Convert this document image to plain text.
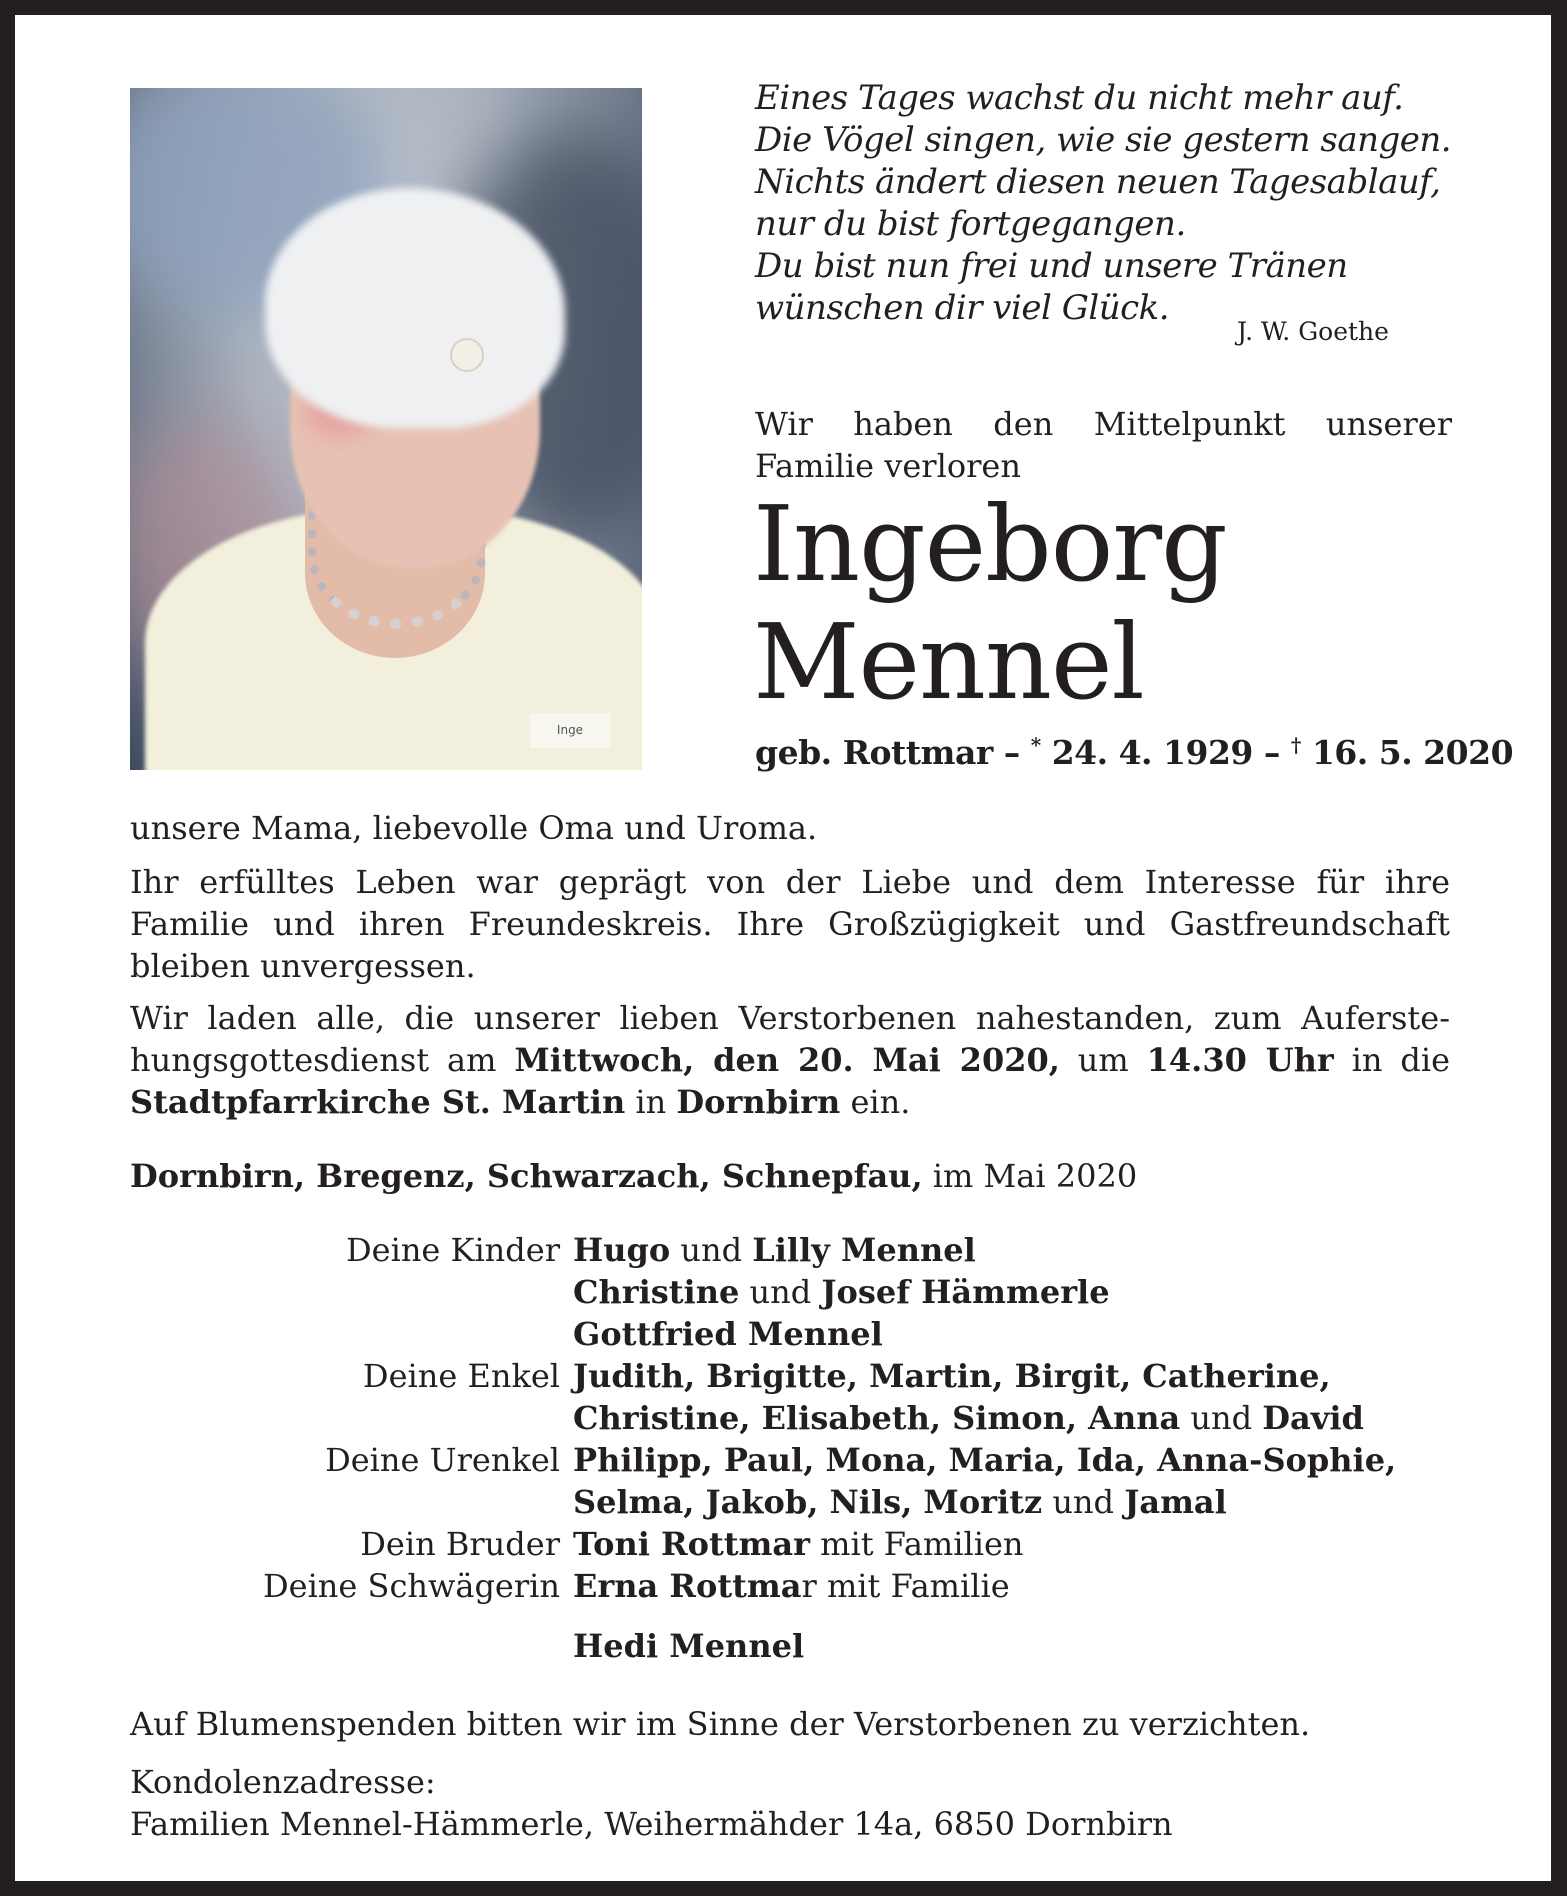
Inge
Eines Tages wachst du nicht mehr auf.
Die Vögel singen, wie sie gestern sangen.
Nichts ändert diesen neuen Tagesablauf,
nur du bist fortgegangen.
Du bist nun frei und unsere Tränen
wünschen dir viel Glück.
J. W. Goethe
Wir haben den Mittelpunkt unserer
Familie verloren
Ingeborg
Mennel
geb. Rottmar – * 24. 4. 1929 – † 16. 5. 2020
unsere Mama, liebevolle Oma und Uroma.
Ihr erfülltes Leben war geprägt von der Liebe und dem Interesse für ihre Familie und ihren Freundeskreis. Ihre Großzügigkeit und Gastfreundschaft bleiben unvergessen.
Wir laden alle, die unserer lieben Verstorbenen nahestanden, zum Auferste- hungsgottesdienst am Mittwoch, den 20. Mai 2020, um 14.30 Uhr in die Stadtpfarrkirche St. Martin in Dornbirn ein.
Dornbirn, Bregenz, Schwarzach, Schnepfau, im Mai 2020
Deine Kinder Hugo und Lilly Mennel
Christine und Josef Hämmerle
Gottfried Mennel
Deine Enkel Judith, Brigitte, Martin, Birgit, Catherine,
Christine, Elisabeth, Simon, Anna und David
Deine Urenkel Philipp, Paul, Mona, Maria, Ida, Anna-Sophie,
Selma, Jakob, Nils, Moritz und Jamal
Dein Bruder Toni Rottmar mit Familien
Deine Schwägerin Erna Rottmar mit Familie
Hedi Mennel
Auf Blumenspenden bitten wir im Sinne der Verstorbenen zu verzichten.
Kondolenzadresse:
Familien Mennel-Hämmerle, Weihermähder 14a, 6850 Dornbirn
